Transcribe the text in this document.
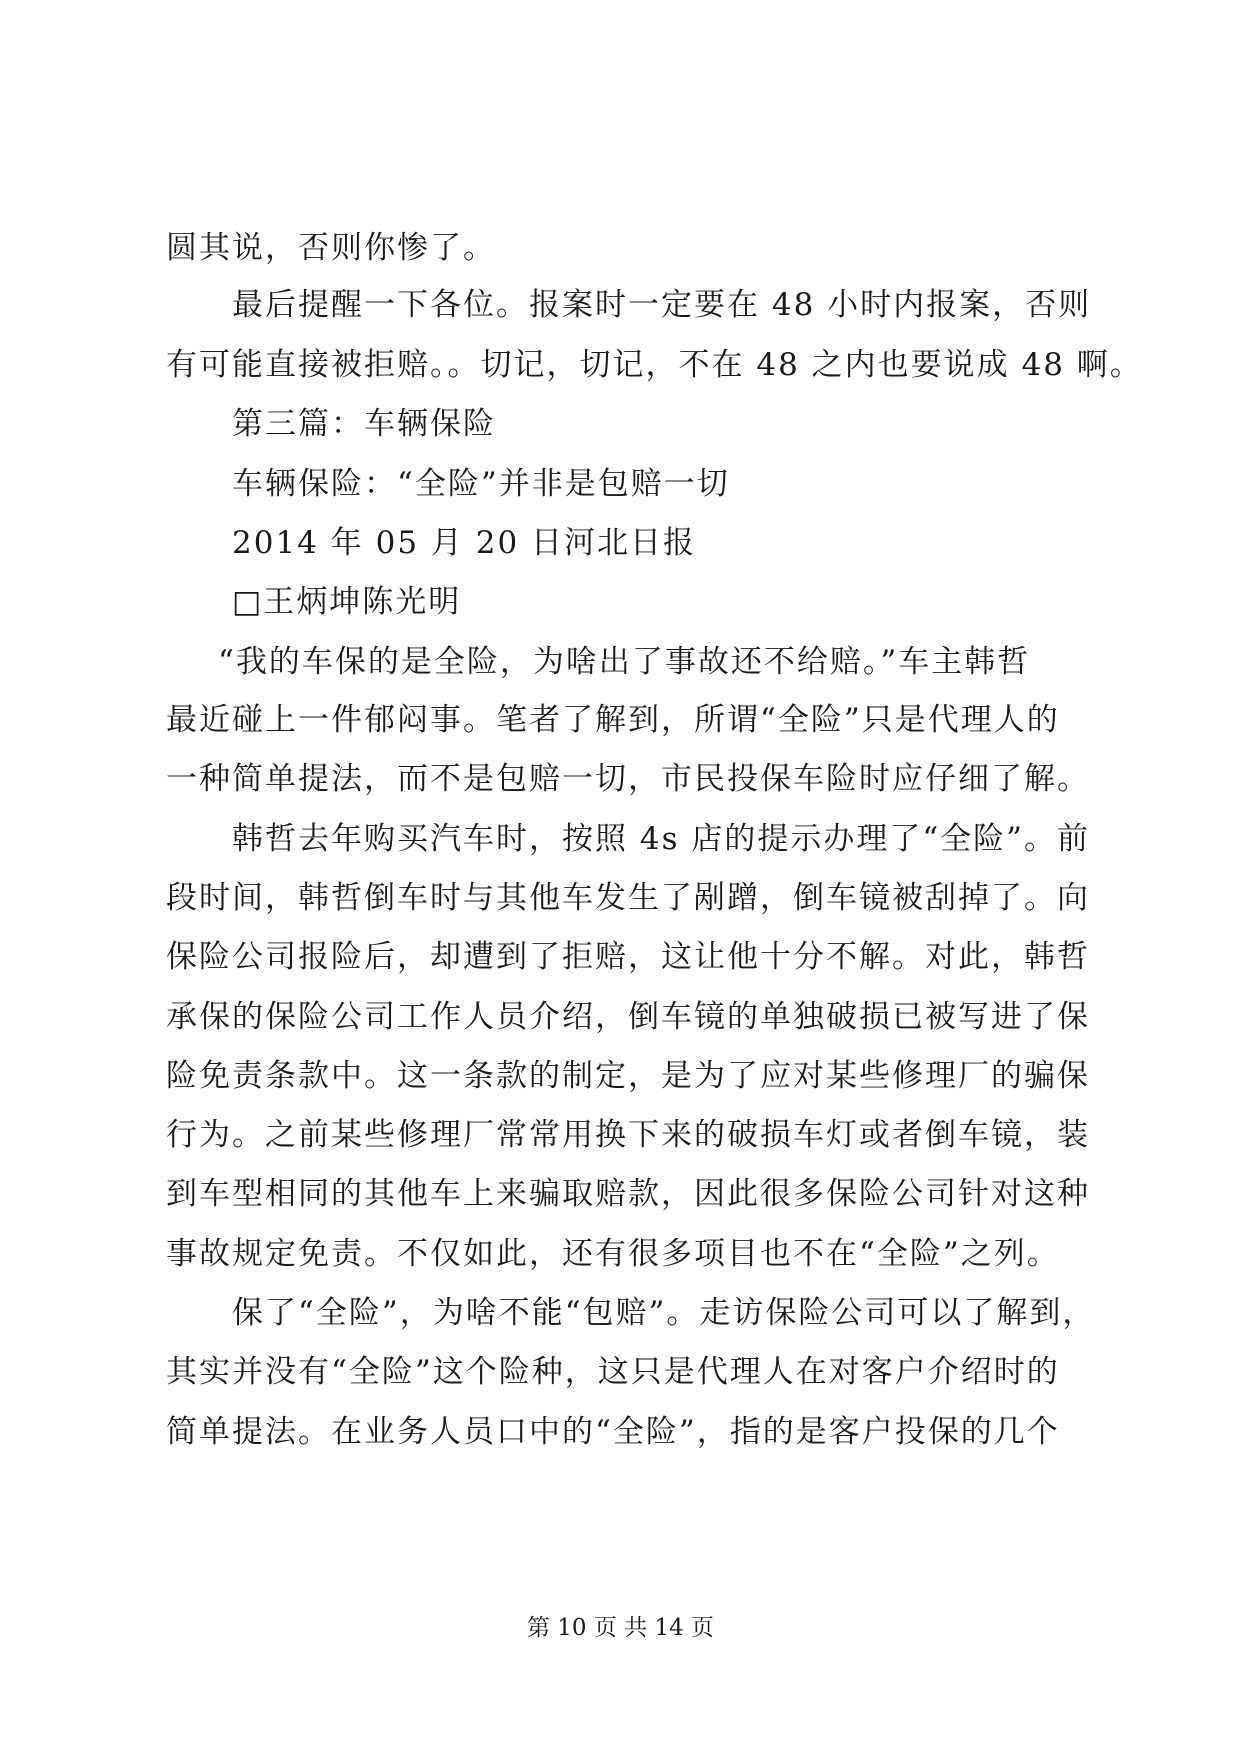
圆其说，否则你惨了。
最后提醒一下各位。报案时一定要在 48 小时内报案，否则
有可能直接被拒赔。。切记，切记，不在 48 之内也要说成 48 啊。
第三篇：车辆保险
车辆保险：“全险”并非是包赔一切
2014 年 05 月 20 日河北日报
□王炳坤陈光明
“我的车保的是全险，为啥出了事故还不给赔。”车主韩哲
最近碰上一件郁闷事。笔者了解到，所谓“全险”只是代理人的
一种简单提法，而不是包赔一切，市民投保车险时应仔细了解。
韩哲去年购买汽车时，按照 4s 店的提示办理了“全险”。前
段时间，韩哲倒车时与其他车发生了剐蹭，倒车镜被刮掉了。向
保险公司报险后，却遭到了拒赔，这让他十分不解。对此，韩哲
承保的保险公司工作人员介绍，倒车镜的单独破损已被写进了保
险免责条款中。这一条款的制定，是为了应对某些修理厂的骗保
行为。之前某些修理厂常常用换下来的破损车灯或者倒车镜，装
到车型相同的其他车上来骗取赔款，因此很多保险公司针对这种
事故规定免责。不仅如此，还有很多项目也不在“全险”之列。
保了“全险”，为啥不能“包赔”。走访保险公司可以了解到，
其实并没有“全险”这个险种，这只是代理人在对客户介绍时的
简单提法。在业务人员口中的“全险”，指的是客户投保的几个
第 10 页 共 14 页
